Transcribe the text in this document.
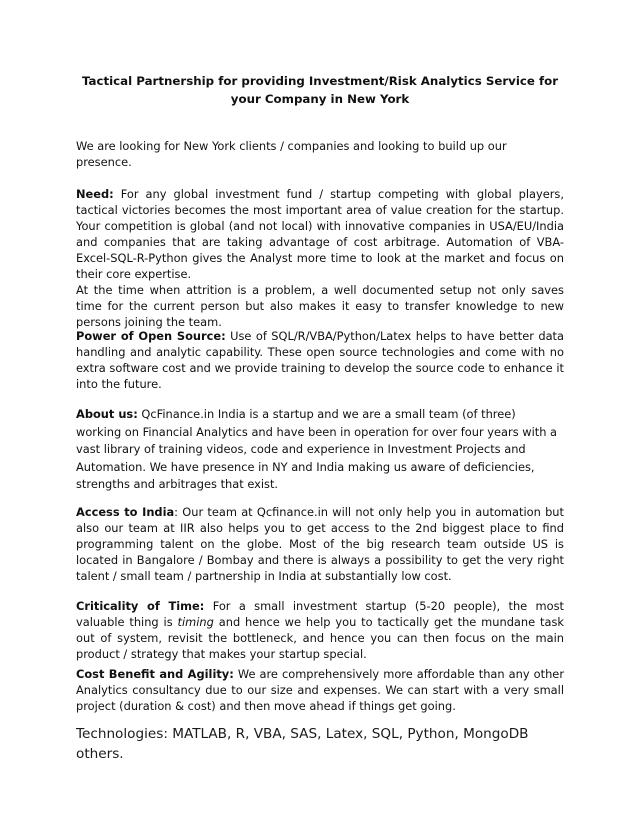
Tactical Partnership for providing Investment/Risk Analytics Service for
your Company in New York
We are looking for New York clients / companies and looking to build up our presence.
Need: For any global investment fund / startup competing with global players, tactical victories becomes the most important area of value creation for the startup. Your competition is global (and not local) with innovative companies in USA/EU/India and companies that are taking advantage of cost arbitrage. Automation of VBA-Excel-SQL-R-Python gives the Analyst more time to look at the market and focus on their core expertise.
At the time when attrition is a problem, a well documented setup not only saves time for the current person but also makes it easy to transfer knowledge to new persons joining the team.
Power of Open Source: Use of SQL/R/VBA/Python/Latex helps to have better data handling and analytic capability. These open source technologies and come with no extra software cost and we provide training to develop the source code to enhance it into the future.
About us: QcFinance.in India is a startup and we are a small team (of three) working on Financial Analytics and have been in operation for over four years with a vast library of training videos, code and experience in Investment Projects and Automation. We have presence in NY and India making us aware of deficiencies, strengths and arbitrages that exist.
Access to India: Our team at Qcfinance.in will not only help you in automation but also our team at IIR also helps you to get access to the 2nd biggest place to find programming talent on the globe. Most of the big research team outside US is located in Bangalore / Bombay and there is always a possibility to get the very right talent / small team / partnership in India at substantially low cost.
Criticality of Time: For a small investment startup (5-20 people), the most valuable thing is timing and hence we help you to tactically get the mundane task out of system, revisit the bottleneck, and hence you can then focus on the main product / strategy that makes your startup special.
Cost Benefit and Agility: We are comprehensively more affordable than any other Analytics consultancy due to our size and expenses. We can start with a very small project (duration & cost) and then move ahead if things get going.
Technologies: MATLAB, R, VBA, SAS, Latex, SQL, Python, MongoDB others.
